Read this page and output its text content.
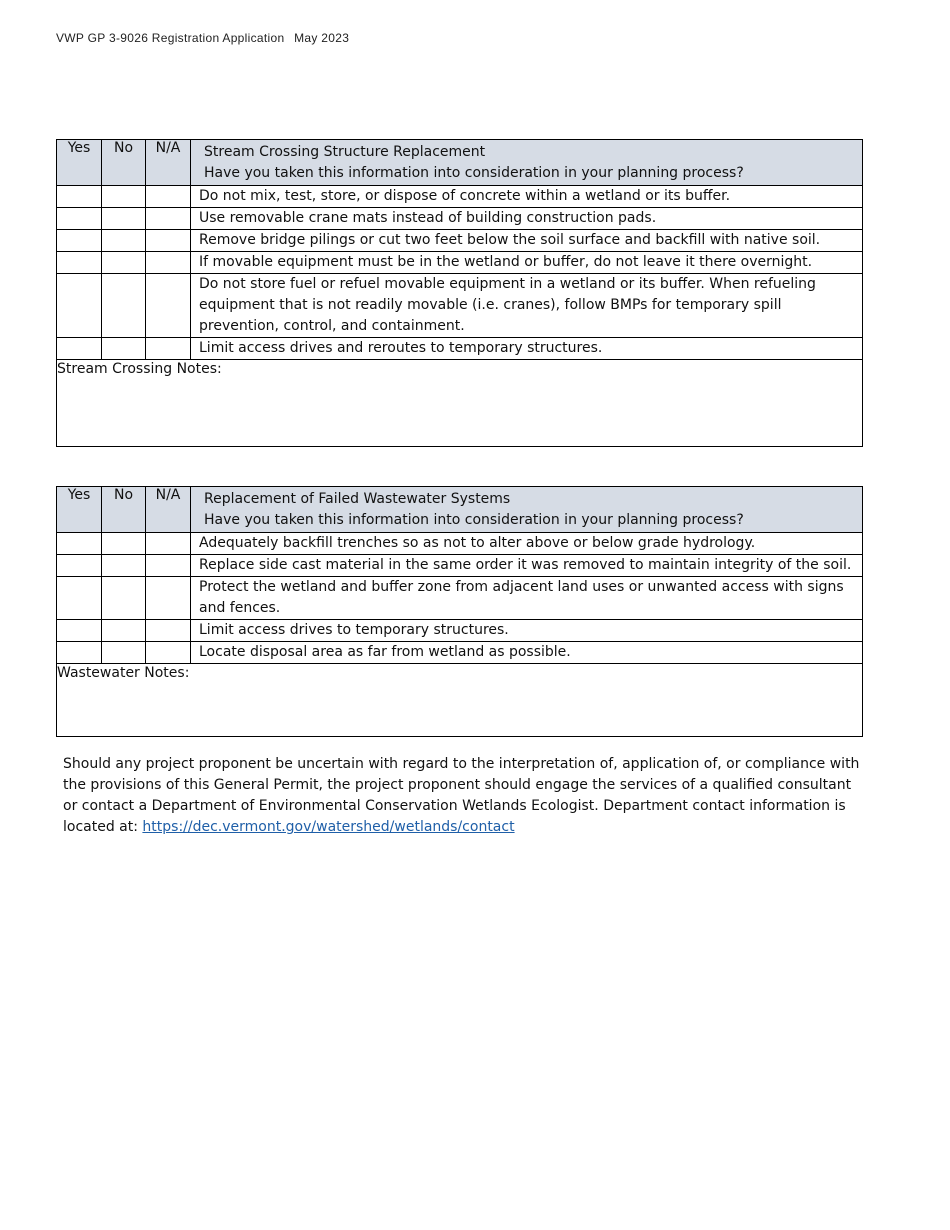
VWP GP 3-9026 Registration Application May 2023
Yes	No	N/A	Stream Crossing Structure Replacement
Have you taken this information into consideration in your planning process?

			Do not mix, test, store, or dispose of concrete within a wetland or its buffer.
			Use removable crane mats instead of building construction pads.
			Remove bridge pilings or cut two feet below the soil surface and backfill with native soil.
			If movable equipment must be in the wetland or buffer, do not leave it there overnight.
			Do not store fuel or refuel movable equipment in a wetland or its buffer. When refueling equipment that is not readily movable (i.e. cranes), follow BMPs for temporary spill prevention, control, and containment.
			Limit access drives and reroutes to temporary structures.
Stream Crossing Notes:			
Yes	No	N/A	Replacement of Failed Wastewater Systems
Have you taken this information into consideration in your planning process?

			Adequately backfill trenches so as not to alter above or below grade hydrology.
			Replace side cast material in the same order it was removed to maintain integrity of the soil.
			Protect the wetland and buffer zone from adjacent land uses or unwanted access with signs and fences.
			Limit access drives to temporary structures.
			Locate disposal area as far from wetland as possible.
Wastewater Notes:			
Should any project proponent be uncertain with regard to the interpretation of, application of, or compliance with the provisions of this General Permit, the project proponent should engage the services of a qualified consultant or contact a Department of Environmental Conservation Wetlands Ecologist. Department contact information is located at: https://dec.vermont.gov/watershed/wetlands/contact
